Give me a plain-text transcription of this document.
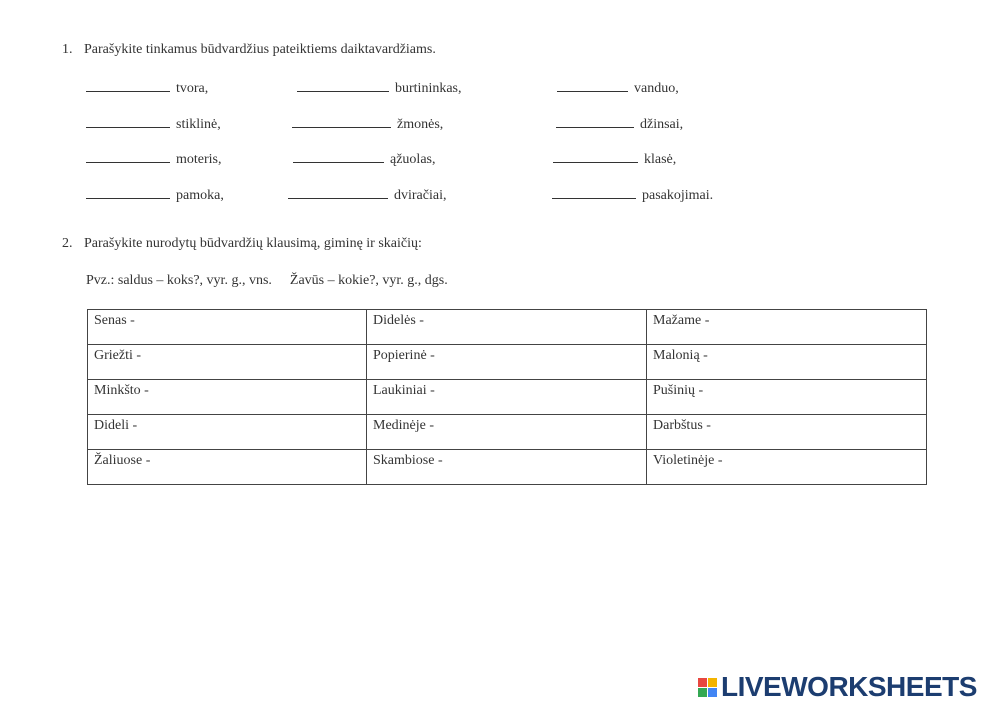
1. Parašykite tinkamus būdvardžius pateiktiems daiktavardžiams.
tvora,	burtininkas,	vanduo,
stiklinė,	žmonės,	džinsai,
moteris,	ąžuolas,	klasė,
pamoka,	dviračiai,	pasakojimai.
2. Parašykite nurodytų būdvardžių klausimą, giminę ir skaičių:
Pvz.: saldus – koks?, vyr. g., vns. Žavūs – kokie?, vyr. g., dgs.
Senas -	Didelės -	Mažame -
Griežti -	Popierinė -	Malonią -
Minkšto -	Laukiniai -	Pušinių -
Dideli -	Medinėje -	Darbštus -
Žaliuose -	Skambiose -	Violetinėje -
LIVEWORKSHEETS
